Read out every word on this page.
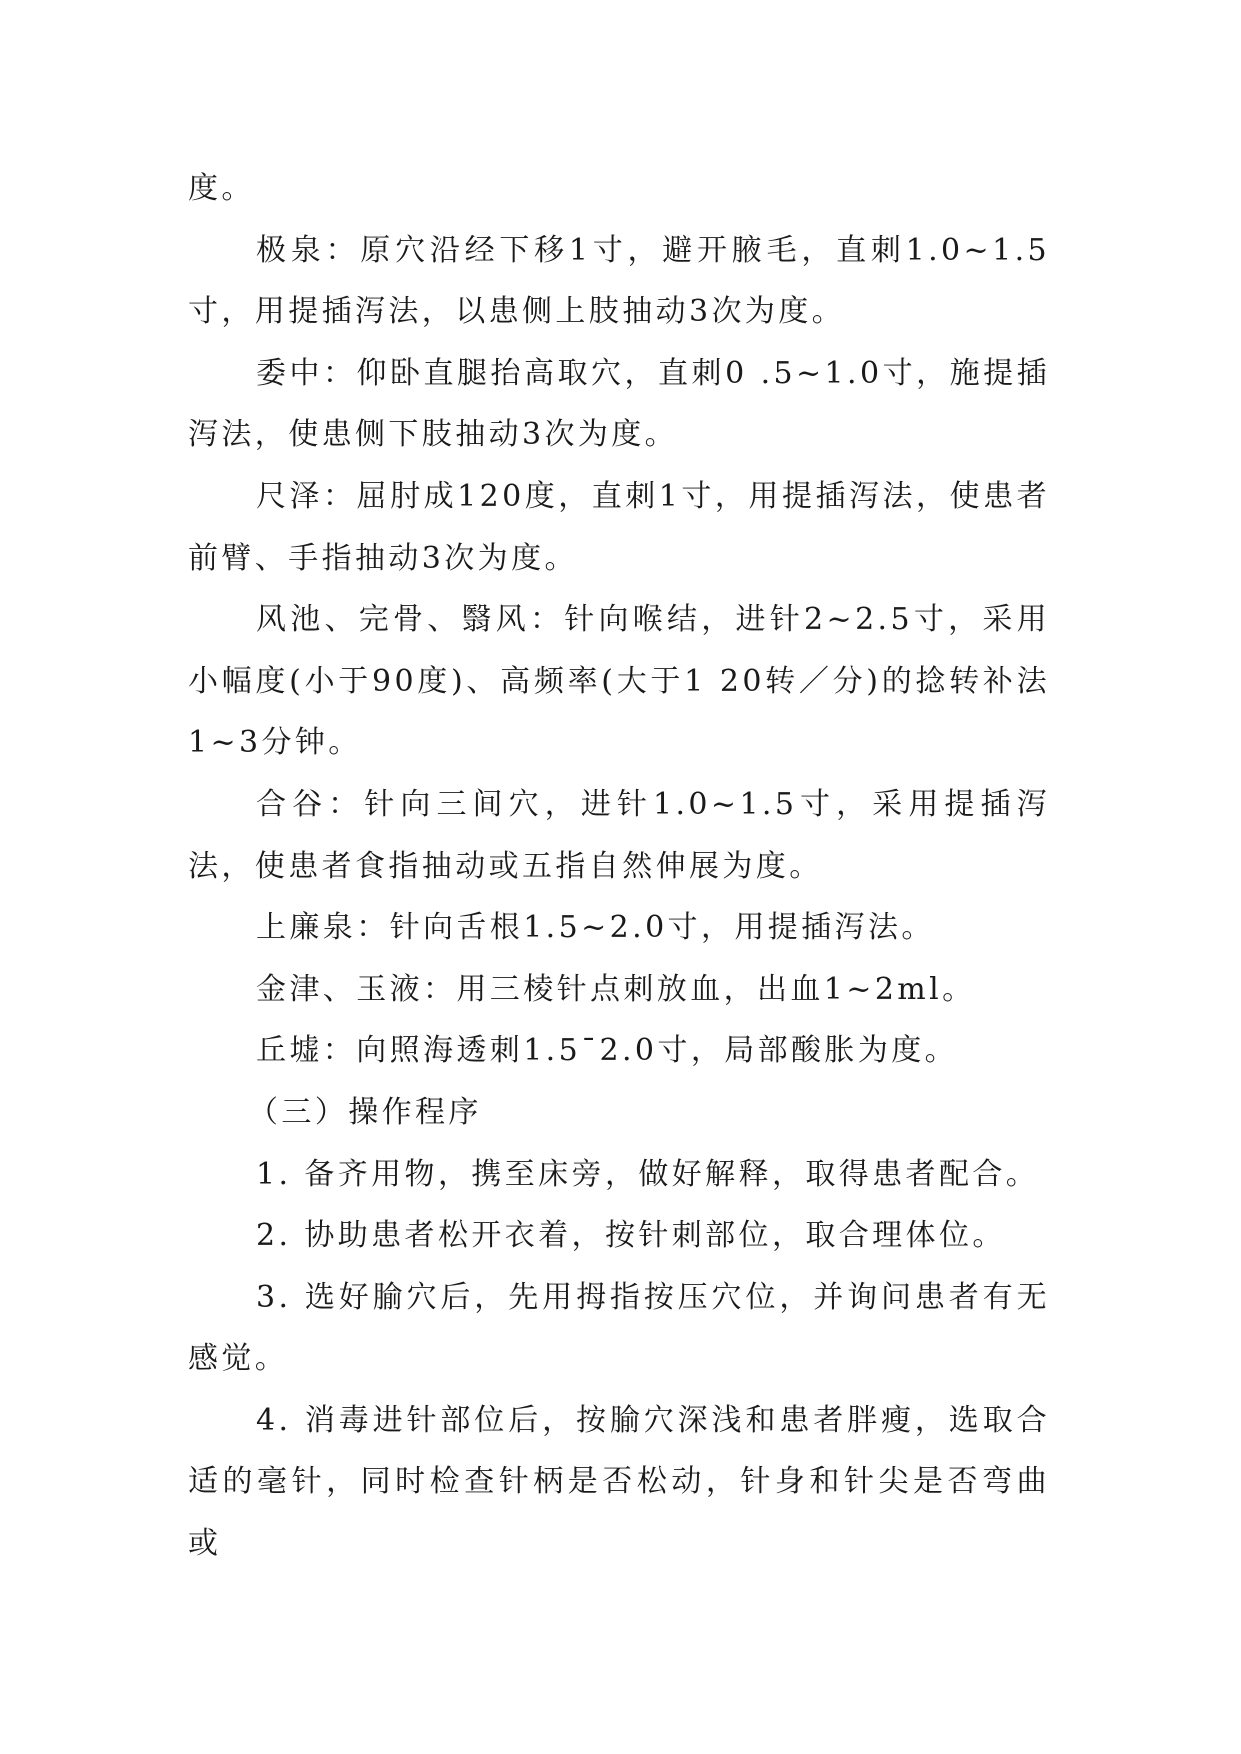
度。

极泉：原穴沿经下移1寸，避开腋毛，直刺1.0~1.5寸，用提插泻法，以患侧上肢抽动3次为度。

委中：仰卧直腿抬高取穴，直刺0 .5~1.0寸，施提插泻法，使患侧下肢抽动3次为度。

尺泽：屈肘成120度，直刺1寸，用提插泻法，使患者前臂、手指抽动3次为度。

风池、完骨、翳风：针向喉结，进针2~2.5寸，采用小幅度(小于90度)、高频率(大于1 20转／分)的捻转补法1~3分钟。

合谷：针向三间穴，进针1.0~1.5寸，采用提插泻法，使患者食指抽动或五指自然伸展为度。

上廉泉：针向舌根1.5~2.0寸，用提插泻法。

金津、玉液：用三棱针点刺放血，出血1~2ml。

丘墟：向照海透刺1.5¯2.0寸，局部酸胀为度。

（三）操作程序

1. 备齐用物，携至床旁，做好解释，取得患者配合。

2. 协助患者松开衣着，按针刺部位，取合理体位。

3. 选好腧穴后，先用拇指按压穴位，并询问患者有无感觉。

4. 消毒进针部位后，按腧穴深浅和患者胖瘦，选取合适的毫针，同时检查针柄是否松动，针身和针尖是否弯曲或
